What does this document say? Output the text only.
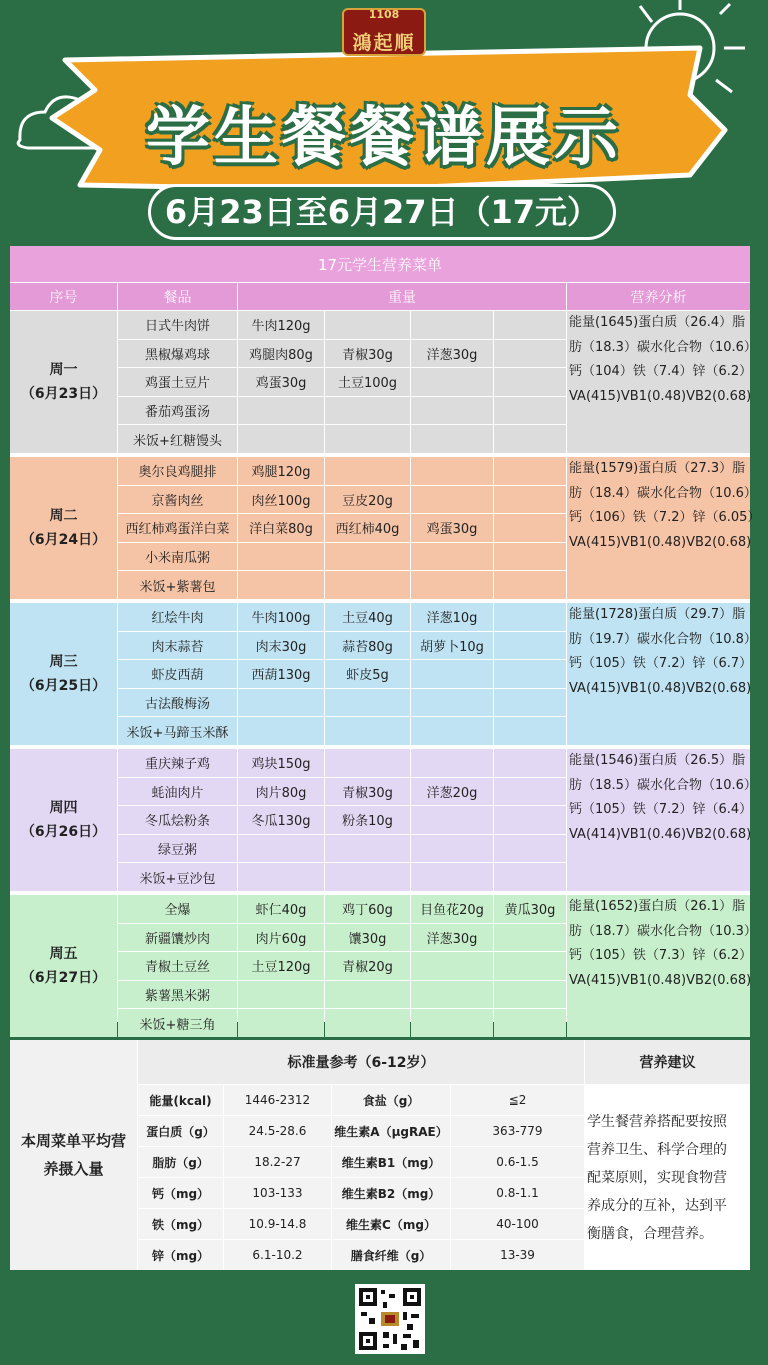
1108
鴻起順
学生餐餐谱展示
6月23日至6月27日（17元）
17元学生营养菜单
序号	餐品	重量	营养分析
周一
（6月23日）
日式牛肉饼	牛肉120g
黑椒爆鸡球	鸡腿肉80g	青椒30g	洋葱30g
鸡蛋土豆片	鸡蛋30g	土豆100g
番茄鸡蛋汤
米饭+红糖馒头
能量(1645)蛋白质（26.4）脂
肪（18.3）碳水化合物（10.6）
钙（104）铁（7.4）锌（6.2）
VA(415)VB1(0.48)VB2(0.68)
周二
（6月24日）
奥尔良鸡腿排	鸡腿120g
京酱肉丝	肉丝100g	豆皮20g
西红柿鸡蛋洋白菜	洋白菜80g	西红柿40g	鸡蛋30g
小米南瓜粥
米饭+紫薯包
能量(1579)蛋白质（27.3）脂
肪（18.4）碳水化合物（10.6）
钙（106）铁（7.2）锌（6.05）
VA(415)VB1(0.48)VB2(0.68)
周三
（6月25日）
红烩牛肉	牛肉100g	土豆40g	洋葱10g
肉末蒜苔	肉末30g	蒜苔80g	胡萝卜10g
虾皮西葫	西葫130g	虾皮5g
古法酸梅汤
米饭+马蹄玉米酥
能量(1728)蛋白质（29.7）脂
肪（19.7）碳水化合物（10.8）
钙（105）铁（7.2）锌（6.7）
VA(415)VB1(0.48)VB2(0.68)
周四
（6月26日）
重庆辣子鸡	鸡块150g
蚝油肉片	肉片80g	青椒30g	洋葱20g
冬瓜烩粉条	冬瓜130g	粉条10g
绿豆粥
米饭+豆沙包
能量(1546)蛋白质（26.5）脂
肪（18.5）碳水化合物（10.6）
钙（105）铁（7.2）锌（6.4）
VA(414)VB1(0.46)VB2(0.68)
周五
（6月27日）
全爆	虾仁40g	鸡丁60g	目鱼花20g	黄瓜30g
新疆馕炒肉	肉片60g	馕30g	洋葱30g
青椒土豆丝	土豆120g	青椒20g
紫薯黑米粥
米饭+糖三角
能量(1652)蛋白质（26.1）脂
肪（18.7）碳水化合物（10.3）
钙（105）铁（7.3）锌（6.2）
VA(415)VB1(0.48)VB2(0.68)
本周菜单平均营
养摄入量
标准量参考（6-12岁）	营养建议
能量(kcal)	1446-2312	食盐（g）	≦2
蛋白质（g）	24.5-28.6	维生素A（μgRAE）	363-779
脂肪（g）	18.2-27	维生素B1（mg）	0.6-1.5
钙（mg）	103-133	维生素B2（mg）	0.8-1.1
铁（mg）	10.9-14.8	维生素C（mg）	40-100
锌（mg）	6.1-10.2	膳食纤维（g）	13-39
学生餐营养搭配要按照
营养卫生、科学合理的
配菜原则，实现食物营
养成分的互补，达到平
衡膳食，合理营养。
